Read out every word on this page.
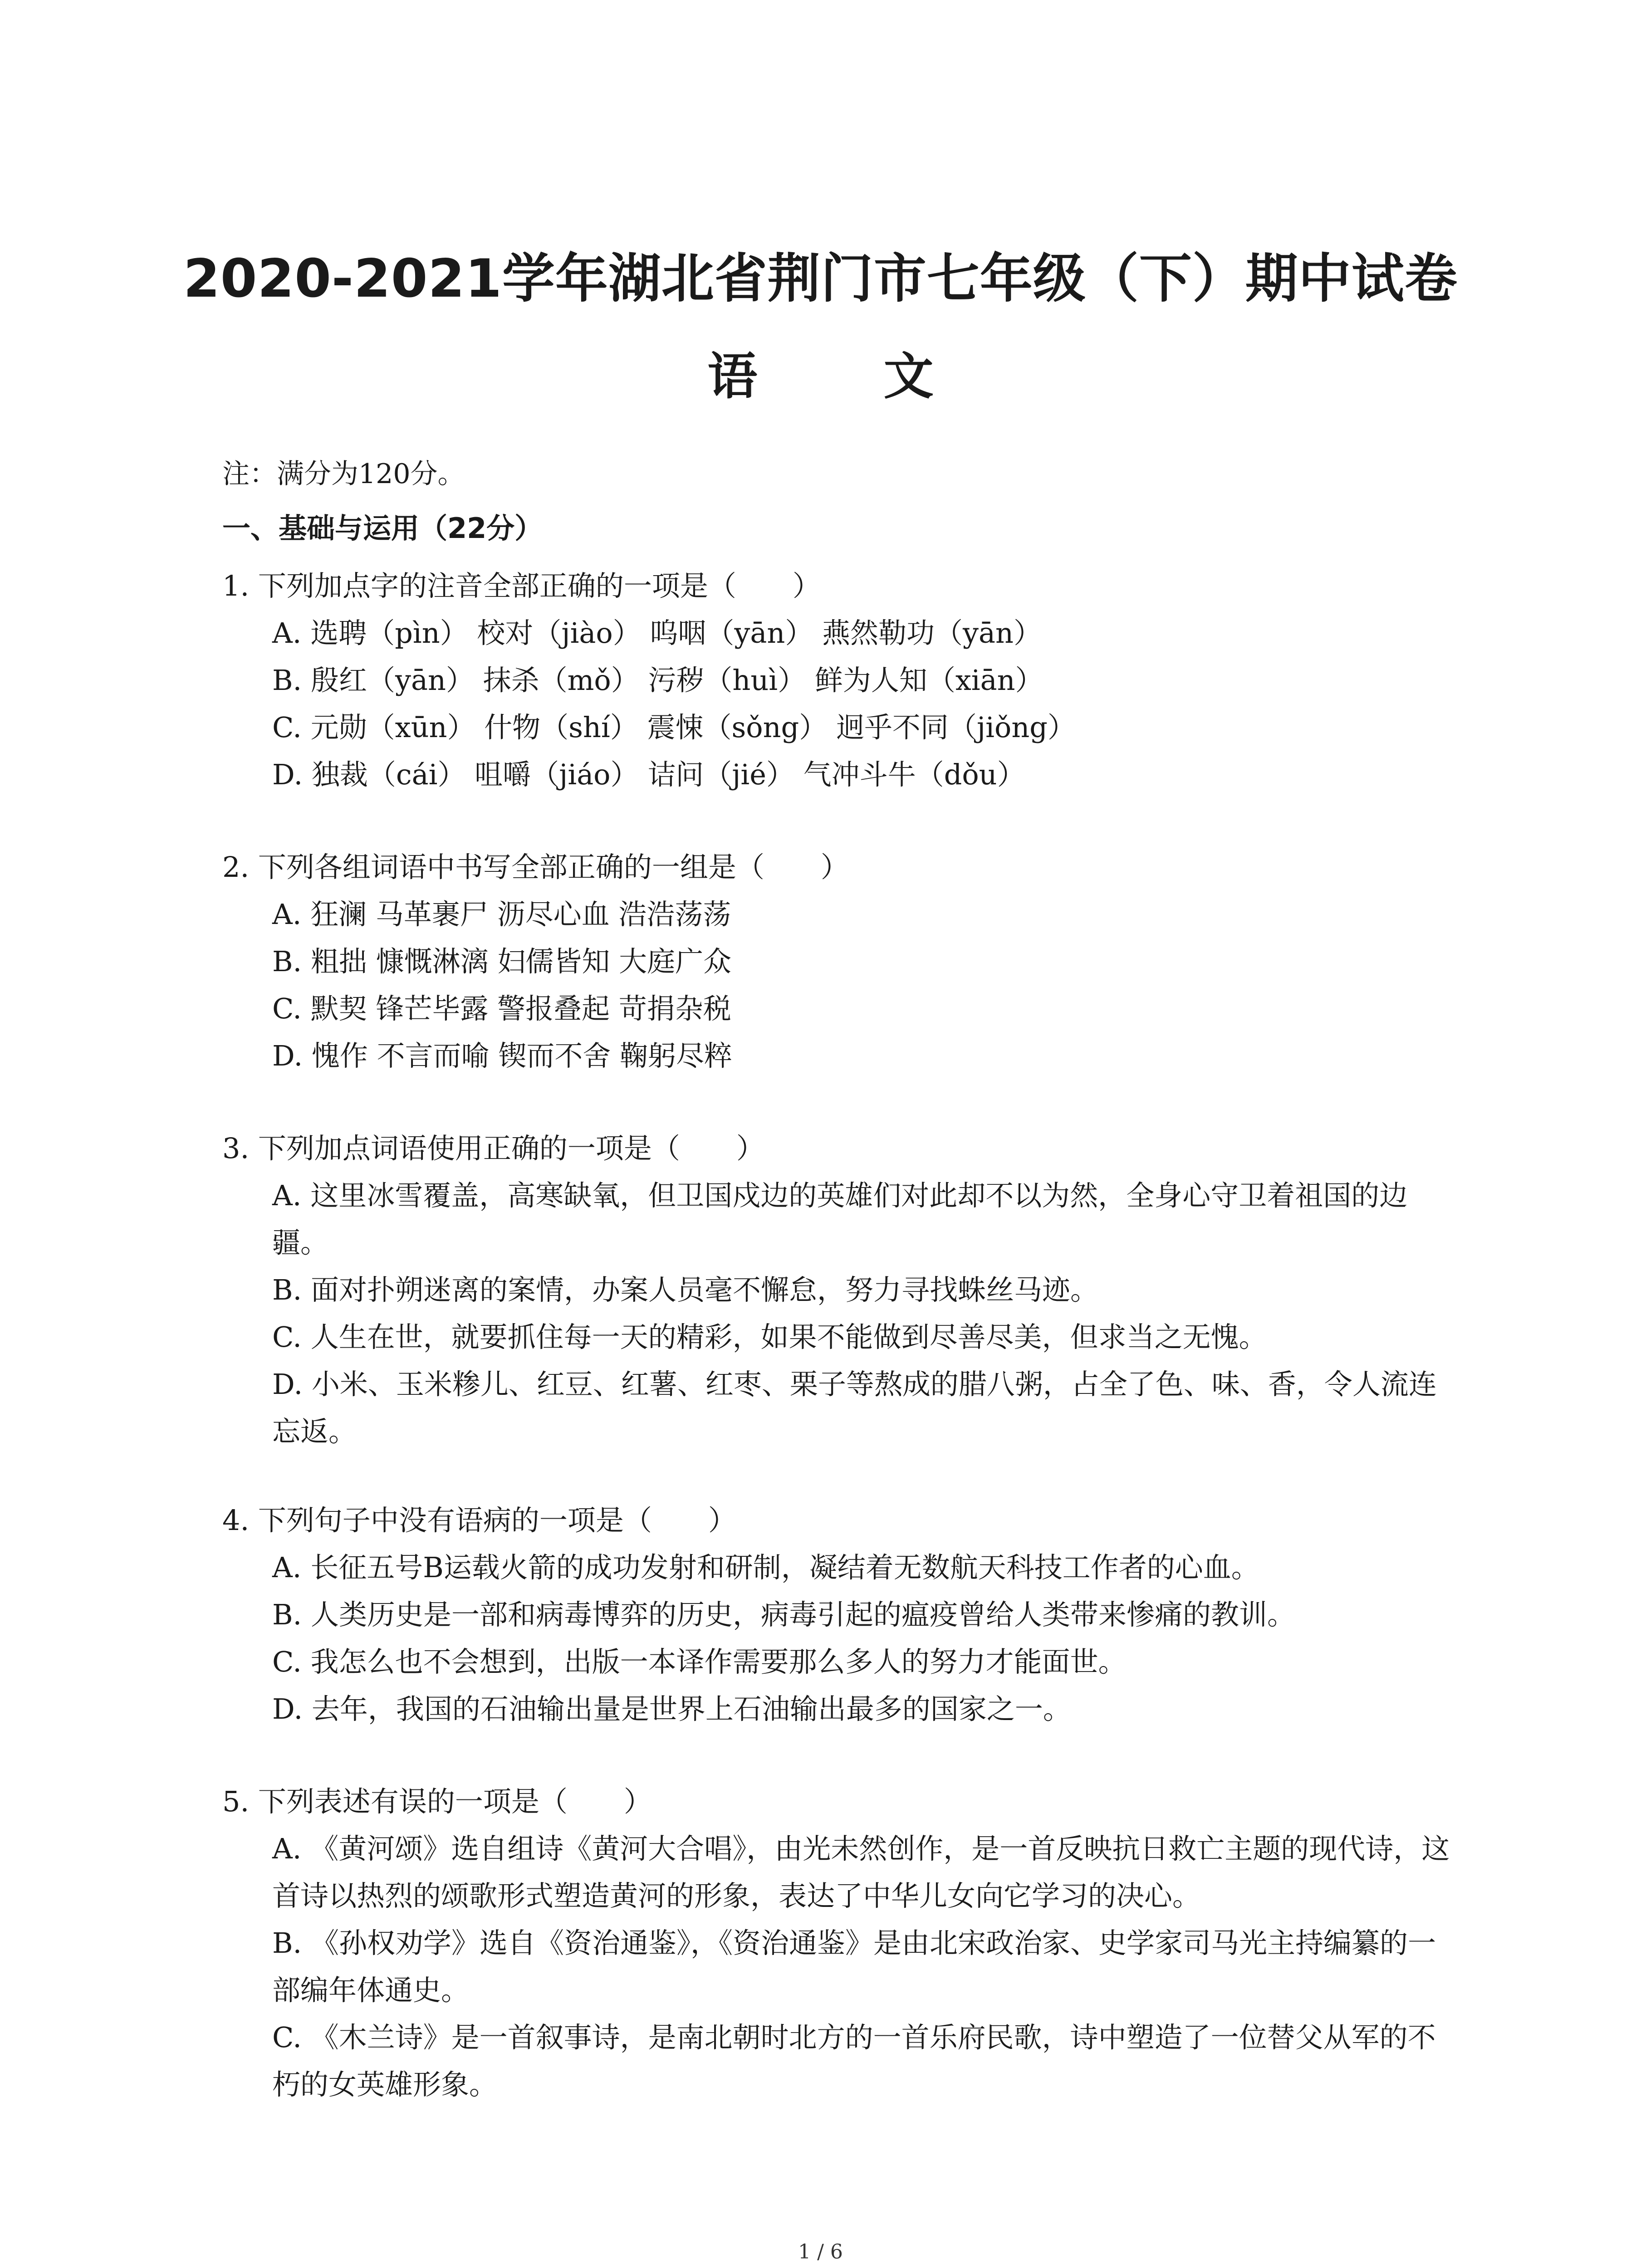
2020-2021学年湖北省荆门市七年级（下）期中试卷
语 文
注：满分为120分。
一、基础与运用（22分）
1. 下列加点字的注音全部正确的一项是（　　）
A. 选聘（pìn） 校对（jiào） 呜咽（yān） 燕然勒功（yān）
B. 殷红（yān） 抹杀（mǒ） 污秽（huì） 鲜为人知（xiān）
C. 元勋（xūn） 什物（shí） 震悚（sǒng） 迥乎不同（jiǒng）
D. 独裁（cái） 咀嚼（jiáo） 诘问（jié） 气冲斗牛（dǒu）
2. 下列各组词语中书写全部正确的一组是（　　）
A. 狂澜 马革裹尸 沥尽心血 浩浩荡荡
B. 粗拙 慷慨淋漓 妇儒皆知 大庭广众
C. 默契 锋芒毕露 警报叠起 苛捐杂税
D. 愧作 不言而喻 锲而不舍 鞠躬尽粹
3. 下列加点词语使用正确的一项是（　　）
A. 这里冰雪覆盖，高寒缺氧，但卫国戍边的英雄们对此却不以为然，全身心守卫着祖国的边疆。
B. 面对扑朔迷离的案情，办案人员毫不懈怠，努力寻找蛛丝马迹。
C. 人生在世，就要抓住每一天的精彩，如果不能做到尽善尽美，但求当之无愧。
D. 小米、玉米糁儿、红豆、红薯、红枣、栗子等熬成的腊八粥，占全了色、味、香，令人流连忘返。
4. 下列句子中没有语病的一项是（　　）
A. 长征五号B运载火箭的成功发射和研制，凝结着无数航天科技工作者的心血。
B. 人类历史是一部和病毒博弈的历史，病毒引起的瘟疫曾给人类带来惨痛的教训。
C. 我怎么也不会想到，出版一本译作需要那么多人的努力才能面世。
D. 去年，我国的石油输出量是世界上石油输出最多的国家之一。
5. 下列表述有误的一项是（　　）
A. 《黄河颂》选自组诗《黄河大合唱》，由光未然创作，是一首反映抗日救亡主题的现代诗，这首诗以热烈的颂歌形式塑造黄河的形象，表达了中华儿女向它学习的决心。
B. 《孙权劝学》选自《资治通鉴》，《资治通鉴》是由北宋政治家、史学家司马光主持编纂的一部编年体通史。
C. 《木兰诗》是一首叙事诗，是南北朝时北方的一首乐府民歌，诗中塑造了一位替父从军的不朽的女英雄形象。
1 / 6
